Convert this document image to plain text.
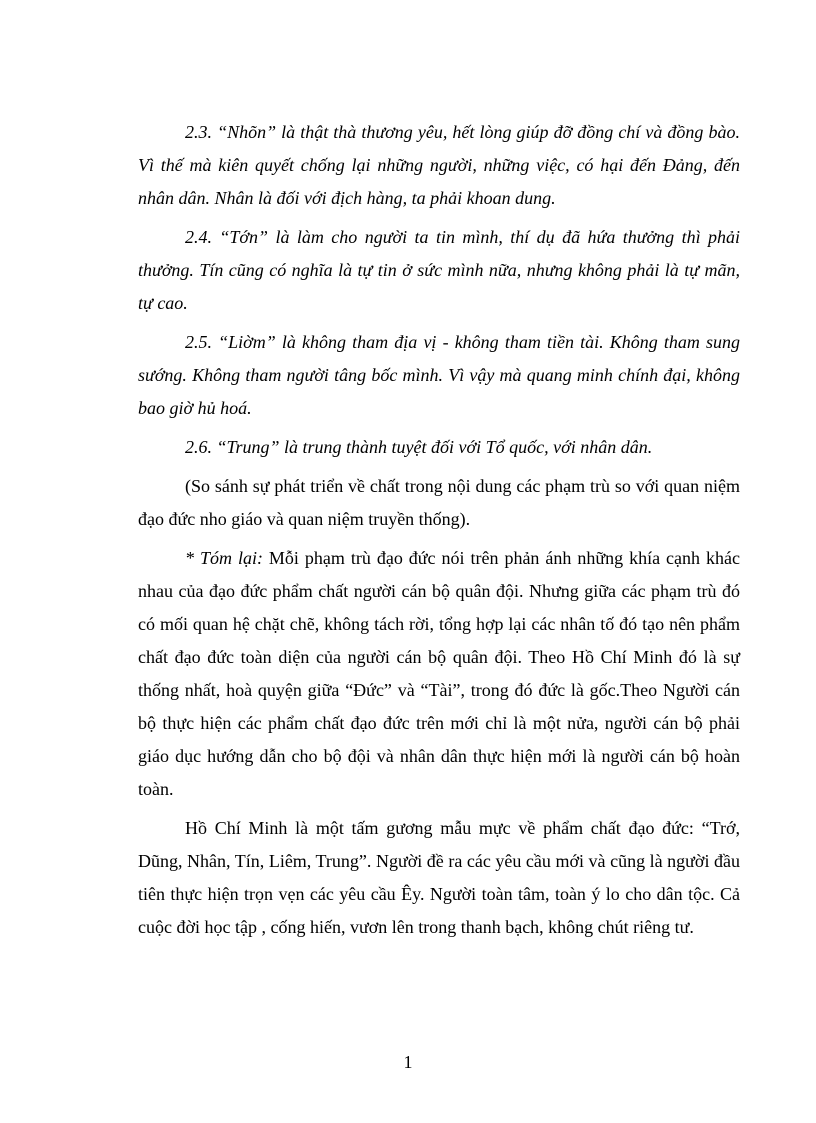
2.3. “Nhõn” là thật thà thương yêu, hết lòng giúp đỡ đồng chí và đồng bào. Vì thế mà kiên quyết chống lại những người, những việc, có hại đến Đảng, đến nhân dân. Nhân là đối với địch hàng, ta phải khoan dung.

2.4. “Tớn” là làm cho người ta tin mình, thí dụ đã hứa thưởng thì phải thưởng. Tín cũng có nghĩa là tự tin ở sức mình nữa, nhưng không phải là tự mãn, tự cao.

2.5. “Liờm” là không tham địa vị - không tham tiền tài. Không tham sung sướng. Không tham người tâng bốc mình. Vì vậy mà quang minh chính đại, không bao giờ hủ hoá.

2.6. “Trung” là trung thành tuyệt đối với Tổ quốc, với nhân dân.

(So sánh sự phát triển về chất trong nội dung các phạm trù so với quan niệm đạo đức nho giáo và quan niệm truyền thống).

* Tóm lại: Mỗi phạm trù đạo đức nói trên phản ánh những khía cạnh khác nhau của đạo đức phẩm chất người cán bộ quân đội. Nhưng giữa các phạm trù đó có mối quan hệ chặt chẽ, không tách rời, tổng hợp lại các nhân tố đó tạo nên phẩm chất đạo đức toàn diện của người cán bộ quân đội. Theo Hồ Chí Minh đó là sự thống nhất, hoà quyện giữa “Đức” và “Tài”, trong đó đức là gốc.Theo Người cán bộ thực hiện các phẩm chất đạo đức trên mới chỉ là một nửa, người cán bộ phải giáo dục hướng dẫn cho bộ đội và nhân dân thực hiện mới là người cán bộ hoàn toàn.

Hồ Chí Minh là một tấm gương mẫu mực về phẩm chất đạo đức: “Trớ, Dũng, Nhân, Tín, Liêm, Trung”. Người đề ra các yêu cầu mới và cũng là người đầu tiên thực hiện trọn vẹn các yêu cầu Êy. Người toàn tâm, toàn ý lo cho dân tộc. Cả cuộc đời học tập , cống hiến, vươn lên trong thanh bạch, không chút riêng tư.

1
